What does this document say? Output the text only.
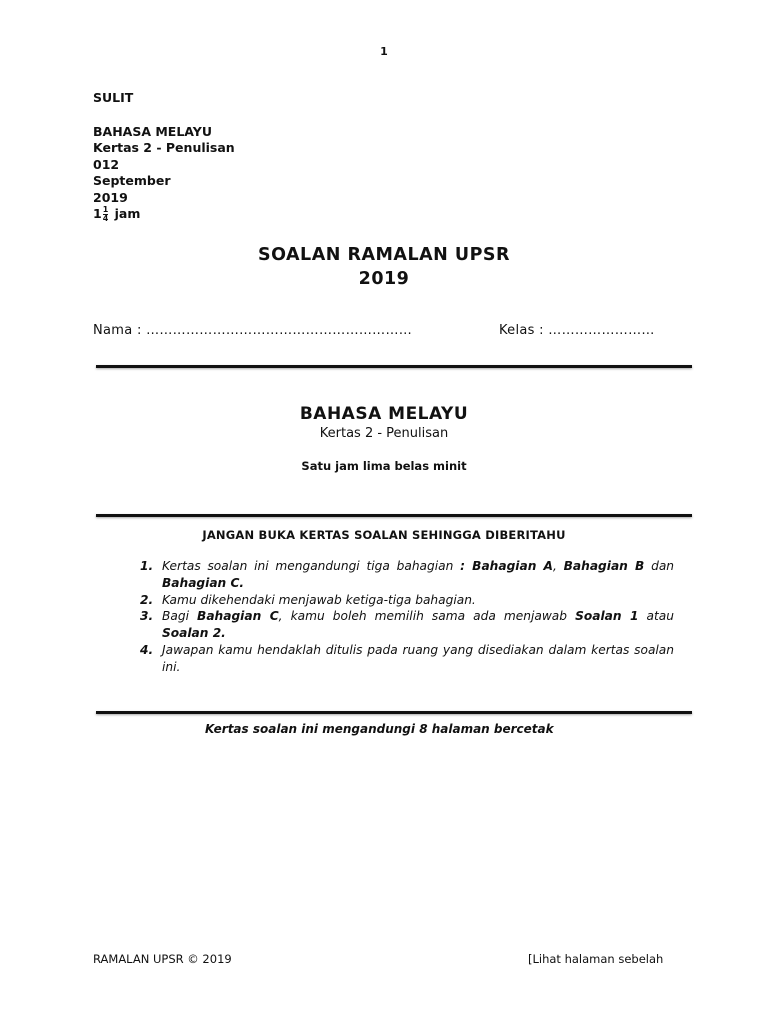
1
SULIT
BAHASA MELAYU
Kertas 2 - Penulisan
012
September
2019
$1 \frac{1}{4}$ jam
SOALAN RAMALAN UPSR
2019
Nama : ……………………………………………………	Kelas : ……………………
BAHASA MELAYU
Kertas 2 - Penulisan
Satu jam lima belas minit
JANGAN BUKA KERTAS SOALAN SEHINGGA DIBERITAHU
1. Kertas soalan ini mengandungi tiga bahagian : Bahagian A, Bahagian B dan Bahagian C.
2. Kamu dikehendaki menjawab ketiga-tiga bahagian.
3. Bagi Bahagian C, kamu boleh memilih sama ada menjawab Soalan 1 atau Soalan 2.
4. Jawapan kamu hendaklah ditulis pada ruang yang disediakan dalam kertas soalan ini.
Kertas soalan ini mengandungi 8 halaman bercetak
RAMALAN UPSR © 2019	[Lihat halaman sebelah
